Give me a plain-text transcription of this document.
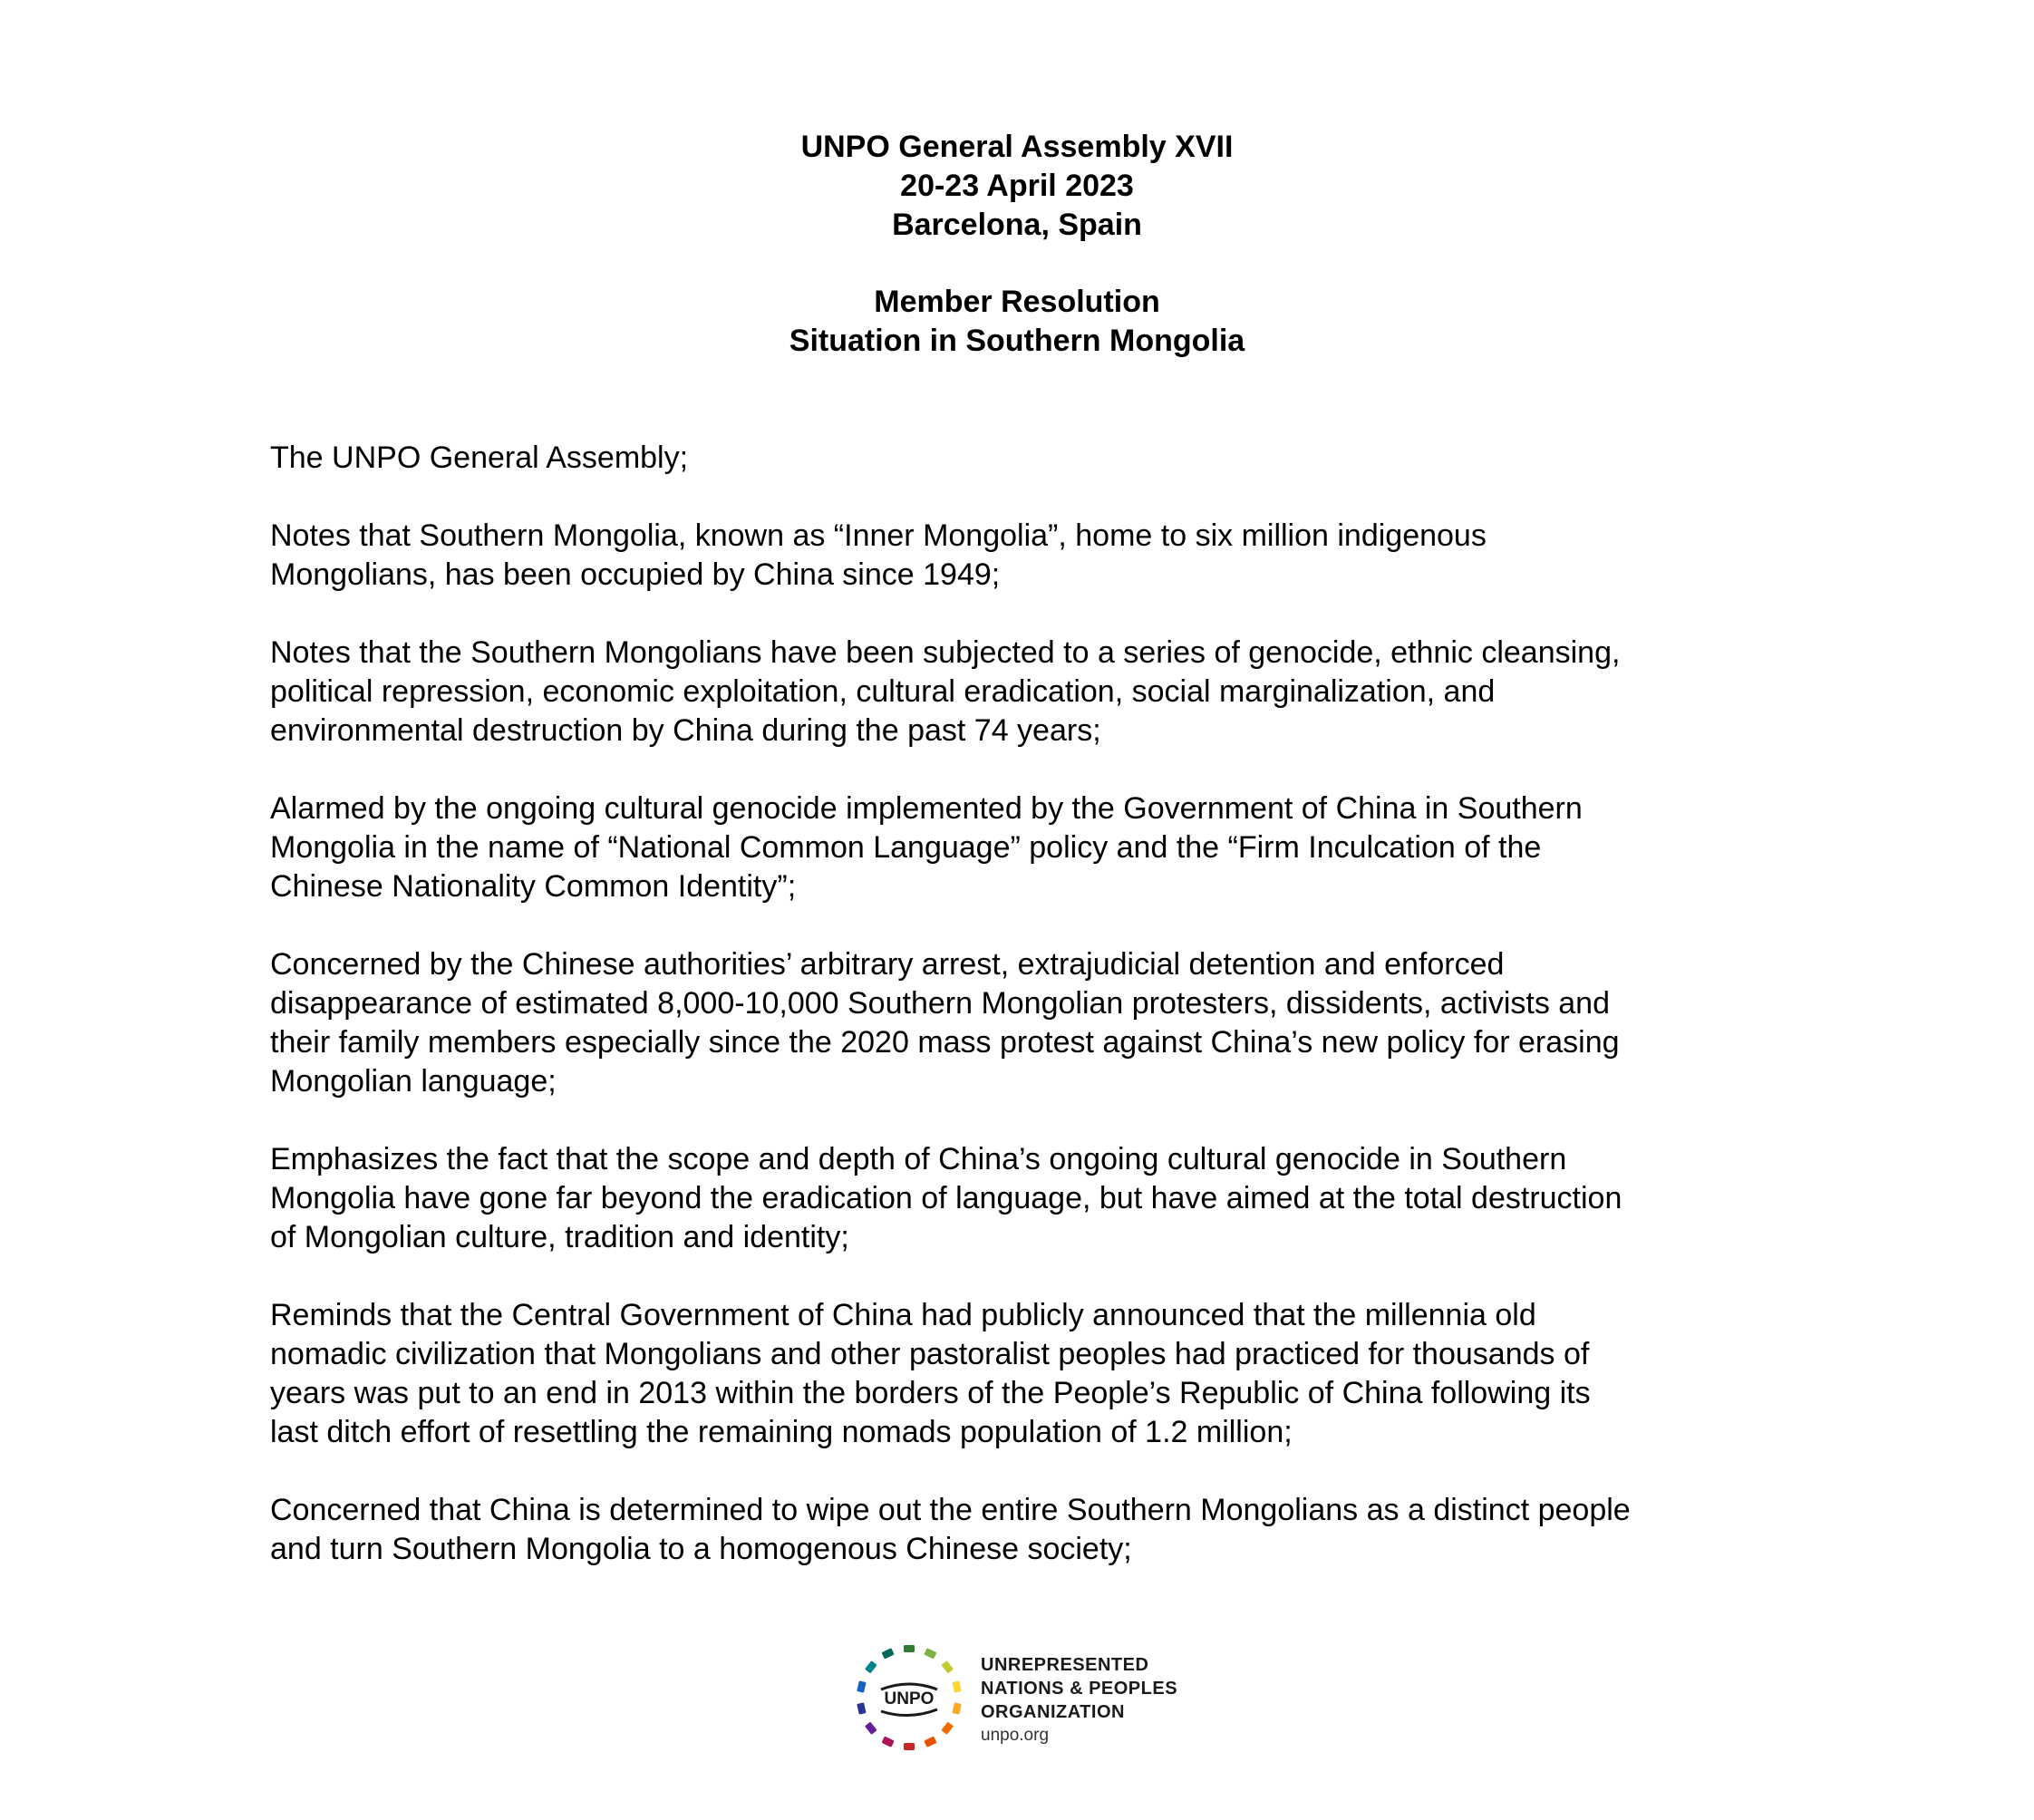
UNPO General Assembly XVII
20-23 April 2023
Barcelona, Spain
Member Resolution
Situation in Southern Mongolia
The UNPO General Assembly;
Notes that Southern Mongolia, known as “Inner Mongolia”, home to six million indigenous
Mongolians, has been occupied by China since 1949;
Notes that the Southern Mongolians have been subjected to a series of genocide, ethnic cleansing,
political repression, economic exploitation, cultural eradication, social marginalization, and
environmental destruction by China during the past 74 years;
Alarmed by the ongoing cultural genocide implemented by the Government of China in Southern
Mongolia in the name of “National Common Language” policy and the “Firm Inculcation of the
Chinese Nationality Common Identity”;
Concerned by the Chinese authorities’ arbitrary arrest, extrajudicial detention and enforced
disappearance of estimated 8,000-10,000 Southern Mongolian protesters, dissidents, activists and
their family members especially since the 2020 mass protest against China’s new policy for erasing
Mongolian language;
Emphasizes the fact that the scope and depth of China’s ongoing cultural genocide in Southern
Mongolia have gone far beyond the eradication of language, but have aimed at the total destruction
of Mongolian culture, tradition and identity;
Reminds that the Central Government of China had publicly announced that the millennia old
nomadic civilization that Mongolians and other pastoralist peoples had practiced for thousands of
years was put to an end in 2013 within the borders of the People’s Republic of China following its
last ditch effort of resettling the remaining nomads population of 1.2 million;
Concerned that China is determined to wipe out the entire Southern Mongolians as a distinct people
and turn Southern Mongolia to a homogenous Chinese society;
UNPO
UNREPRESENTED
NATIONS & PEOPLES
ORGANIZATION
unpo.org
